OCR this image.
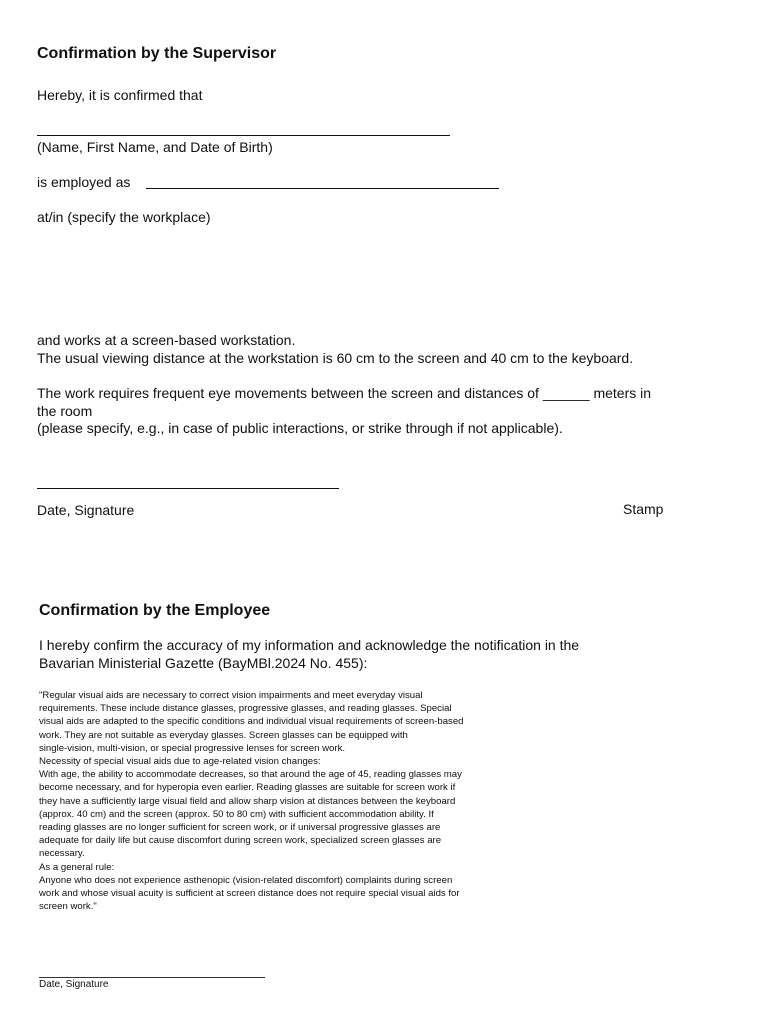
Confirmation by the Supervisor
Hereby, it is confirmed that
(Name, First Name, and Date of Birth)
is employed as
at/in (specify the workplace)
and works at a screen-based workstation.
The usual viewing distance at the workstation is 60 cm to the screen and 40 cm to the keyboard.
The work requires frequent eye movements between the screen and distances of ______ meters in
the room
(please specify, e.g., in case of public interactions, or strike through if not applicable).
Date, Signature	Stamp
Confirmation by the Employee
I hereby confirm the accuracy of my information and acknowledge the notification in the
Bavarian Ministerial Gazette (BayMBl.2024 No. 455):
"Regular visual aids are necessary to correct vision impairments and meet everyday visual
requirements. These include distance glasses, progressive glasses, and reading glasses. Special
visual aids are adapted to the specific conditions and individual visual requirements of screen-based
work. They are not suitable as everyday glasses. Screen glasses can be equipped with
single-vision, multi-vision, or special progressive lenses for screen work.
Necessity of special visual aids due to age-related vision changes:
With age, the ability to accommodate decreases, so that around the age of 45, reading glasses may
become necessary, and for hyperopia even earlier. Reading glasses are suitable for screen work if
they have a sufficiently large visual field and allow sharp vision at distances between the keyboard
(approx. 40 cm) and the screen (approx. 50 to 80 cm) with sufficient accommodation ability. If
reading glasses are no longer sufficient for screen work, or if universal progressive glasses are
adequate for daily life but cause discomfort during screen work, specialized screen glasses are
necessary.
As a general rule:
Anyone who does not experience asthenopic (vision-related discomfort) complaints during screen
work and whose visual acuity is sufficient at screen distance does not require special visual aids for
screen work."
Date, Signature
